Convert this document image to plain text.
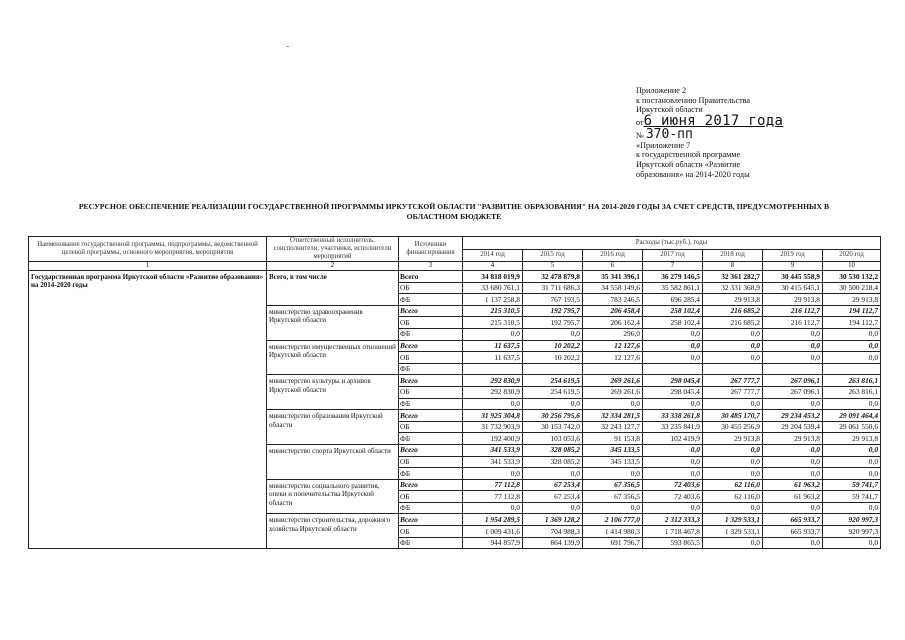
Приложение 2
к постановлению Правительства
Иркутской области
от6 июня 2017 года
№ 370-пп
«Приложение 7
к государственной программе
Иркутской области «Развитие
образования» на 2014-2020 годы
РЕСУРСНОЕ ОБЕСПЕЧЕНИЕ РЕАЛИЗАЦИИ ГОСУДАРСТВЕННОЙ ПРОГРАММЫ ИРКУТСКОЙ ОБЛАСТИ "РАЗВИТИЕ ОБРАЗОВАНИЯ" НА 2014-2020 ГОДЫ ЗА СЧЕТ СРЕДСТВ, ПРЕДУСМОТРЕННЫХ В
ОБЛАСТНОМ БЮДЖЕТЕ
Наименование государственной программы, подпрограммы, ведомственной целевой программы, основного мероприятия, мероприятия	Ответственный исполнитель, соисполнители, участники, исполнители мероприятий	Источники финансирования	Расходы (тыс.руб.), годы						
			2014 год	2015 год	2016 год	2017 год	2018 год	2019 год	2020 год
1	2	3	4	5	6	7	8	9	10
Государственная программа Иркутской области «Развитие образования» на 2014-2020 годы	Всего, в том числе	Всего	34 818 019,9	32 478 879,8	35 341 396,1	36 279 146,5	32 361 282,7	30 445 558,9	30 530 132,2
		ОБ	33 680 761,1	31 711 686,3	34 558 149,6	35 582 861,1	32 331 368,9	30 415 645,1	30 500 218,4
		ФБ	1 137 258,8	767 193,5	783 246,5	696 285,4	29 913,8	29 913,8	29 913,8
	министерство здравоохранения Иркутской области	Всего	215 310,5	192 795,7	206 458,4	258 102,4	216 685,2	216 112,7	194 112,7
		ОБ	215 310,5	192 795,7	206 162,4	258 102,4	216 685,2	216 112,7	194 112,7
		ФБ	0,0	0,0	296,0	0,0	0,0	0,0	0,0
	министерство имущественных отношений Иркутской области	Всего	11 637,5	10 202,2	12 127,6	0,0	0,0	0,0	0,0
		ОБ	11 637,5	10 202,2	12 127,6	0,0	0,0	0,0	0,0
		ФБ							
	министерство культуры и архивов Иркутской области	Всего	292 830,9	254 619,5	269 261,6	298 045,4	267 777,7	267 096,1	263 816,1
		ОБ	292 830,9	254 619,5	269 261,6	298 045,4	267 777,7	267 096,1	263 816,1
		ФБ	0,0	0,0	0,0	0,0	0,0	0,0	0,0
	министерство образования Иркутской области	Всего	31 925 304,8	30 256 795,6	32 334 281,5	33 338 261,8	30 485 170,7	29 234 453,2	29 091 464,4
		ОБ	31 732 903,9	30 153 742,0	32 243 127,7	33 235 841,9	30 455 256,9	29 204 539,4	29 061 550,6
		ФБ	192 400,9	103 053,6	91 153,8	102 419,9	29 913,8	29 913,8	29 913,8
	министерство спорта Иркутской области	Всего	341 533,9	328 085,2	345 133,5	0,0	0,0	0,0	0,0
		ОБ	341 533,9	328 085,2	345 133,5	0,0	0,0	0,0	0,0
		ФБ	0,0	0,0	0,0	0,0	0,0	0,0	0,0
	министерство социального развития, опеки и попечительства Иркутской области	Всего	77 112,8	67 253,4	67 356,5	72 403,6	62 116,0	61 963,2	59 741,7
		ОБ	77 112,8	67 253,4	67 356,5	72 403,6	62 116,0	61 963,2	59 741,7
		ФБ	0,0	0,0	0,0	0,0	0,0	0,0	0,0
	министерство строительства, дорожного хозяйства Иркутской области	Всего	1 954 289,5	1 369 128,2	2 106 777,0	2 312 333,3	1 329 533,1	665 933,7	920 997,3
		ОБ	1 009 431,6	704 988,3	1 414 980,3	1 718 467,8	1 329 533,1	665 933,7	920 997,3
		ФБ	944 857,9	664 139,9	691 796,7	593 865,5	0,0	0,0	0,0
